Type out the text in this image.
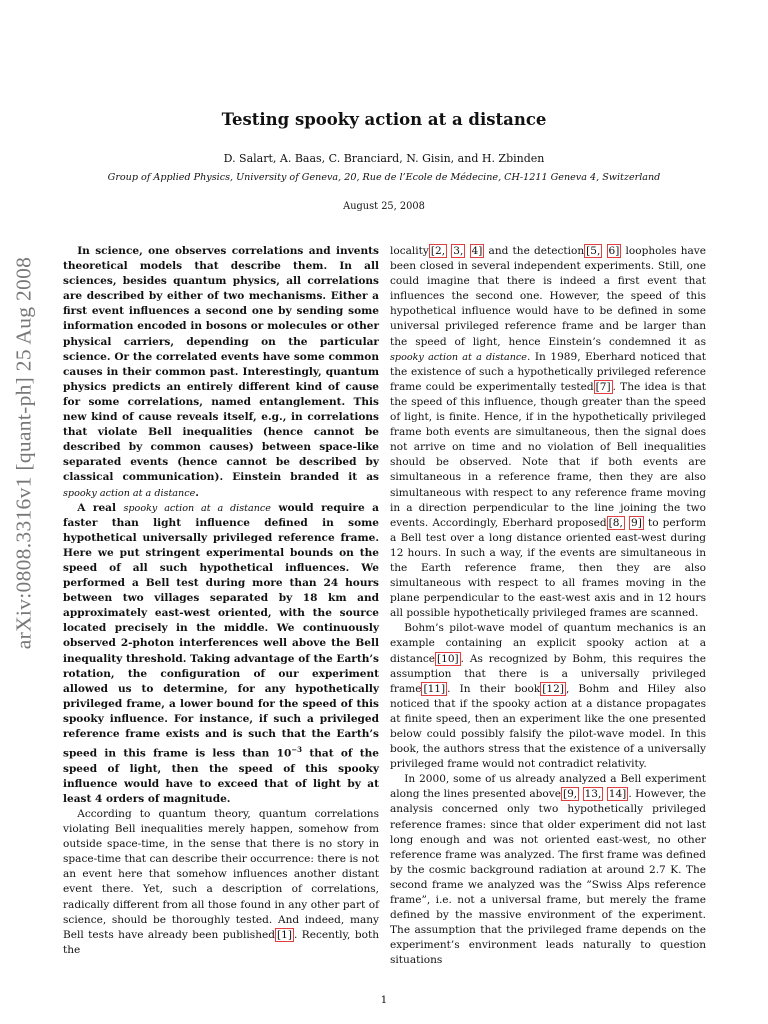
arXiv:0808.3316v1 [quant-ph] 25 Aug 2008
Testing spooky action at a distance
D. Salart, A. Baas, C. Branciard, N. Gisin, and H. Zbinden
Group of Applied Physics, University of Geneva, 20, Rue de l’Ecole de Médecine, CH-1211 Geneva 4, Switzerland
August 25, 2008

In science, one observes correlations and invents theoretical models that describe them. In all sciences, besides quantum physics, all correlations are described by either of two mechanisms. Either a first event influences a second one by sending some information encoded in bosons or molecules or other physical carriers, depending on the particular science. Or the correlated events have some common causes in their common past. Interestingly, quantum physics predicts an entirely different kind of cause for some correlations, named entanglement. This new kind of cause reveals itself, e.g., in correlations that violate Bell inequalities (hence cannot be described by common causes) between space-like separated events (hence cannot be described by classical communication). Einstein branded it as spooky action at a distance.

A real spooky action at a distance would require a faster than light influence defined in some hypothetical universally privileged reference frame. Here we put stringent experimental bounds on the speed of all such hypothetical influences. We performed a Bell test during more than 24 hours between two villages separated by 18 km and approximately east-west oriented, with the source located precisely in the middle. We continuously observed 2-photon interferences well above the Bell inequality threshold. Taking advantage of the Earth’s rotation, the configuration of our experiment allowed us to determine, for any hypothetically privileged frame, a lower bound for the speed of this spooky influence. For instance, if such a privileged reference frame exists and is such that the Earth’s speed in this frame is less than $10^{-3}$ that of the speed of light, then the speed of this spooky influence would have to exceed that of light by at least 4 orders of magnitude.

According to quantum theory, quantum correlations violating Bell inequalities merely happen, somehow from outside space-time, in the sense that there is no story in space-time that can describe their occurrence: there is not an event here that somehow influences another distant event there. Yet, such a description of correlations, radically different from all those found in any other part of science, should be thoroughly tested. And indeed, many Bell tests have already been published [1] . Recently, both the

locality [2, 3, 4] and the detection [5, 6] loopholes have been closed in several independent experiments. Still, one could imagine that there is indeed a first event that influences the second one. However, the speed of this hypothetical influence would have to be defined in some universal privileged reference frame and be larger than the speed of light, hence Einstein’s condemned it as spooky action at a distance. In 1989, Eberhard noticed that the existence of such a hypothetically privileged reference frame could be experimentally tested [7] . The idea is that the speed of this influence, though greater than the speed of light, is finite. Hence, if in the hypothetically privileged frame both events are simultaneous, then the signal does not arrive on time and no violation of Bell inequalities should be observed. Note that if both events are simultaneous in a reference frame, then they are also simultaneous with respect to any reference frame moving in a direction perpendicular to the line joining the two events. Accordingly, Eberhard proposed [8, 9] to perform a Bell test over a long distance oriented east-west during 12 hours. In such a way, if the events are simultaneous in the Earth reference frame, then they are also simultaneous with respect to all frames moving in the plane perpendicular to the east-west axis and in 12 hours all possible hypothetically privileged frames are scanned.

Bohm’s pilot-wave model of quantum mechanics is an example containing an explicit spooky action at a distance [10] . As recognized by Bohm, this requires the assumption that there is a universally privileged frame [11] . In their book [12] , Bohm and Hiley also noticed that if the spooky action at a distance propagates at finite speed, then an experiment like the one presented below could possibly falsify the pilot-wave model. In this book, the authors stress that the existence of a universally privileged frame would not contradict relativity.

In 2000, some of us already analyzed a Bell experiment along the lines presented above [9, 13, 14] . However, the analysis concerned only two hypothetically privileged reference frames: since that older experiment did not last long enough and was not oriented east-west, no other reference frame was analyzed. The first frame was defined by the cosmic background radiation at around 2.7 K. The second frame we analyzed was the ”Swiss Alps reference frame”, i.e. not a universal frame, but merely the frame defined by the massive environment of the experiment. The assumption that the privileged frame depends on the experiment’s environment leads naturally to question situations

1
